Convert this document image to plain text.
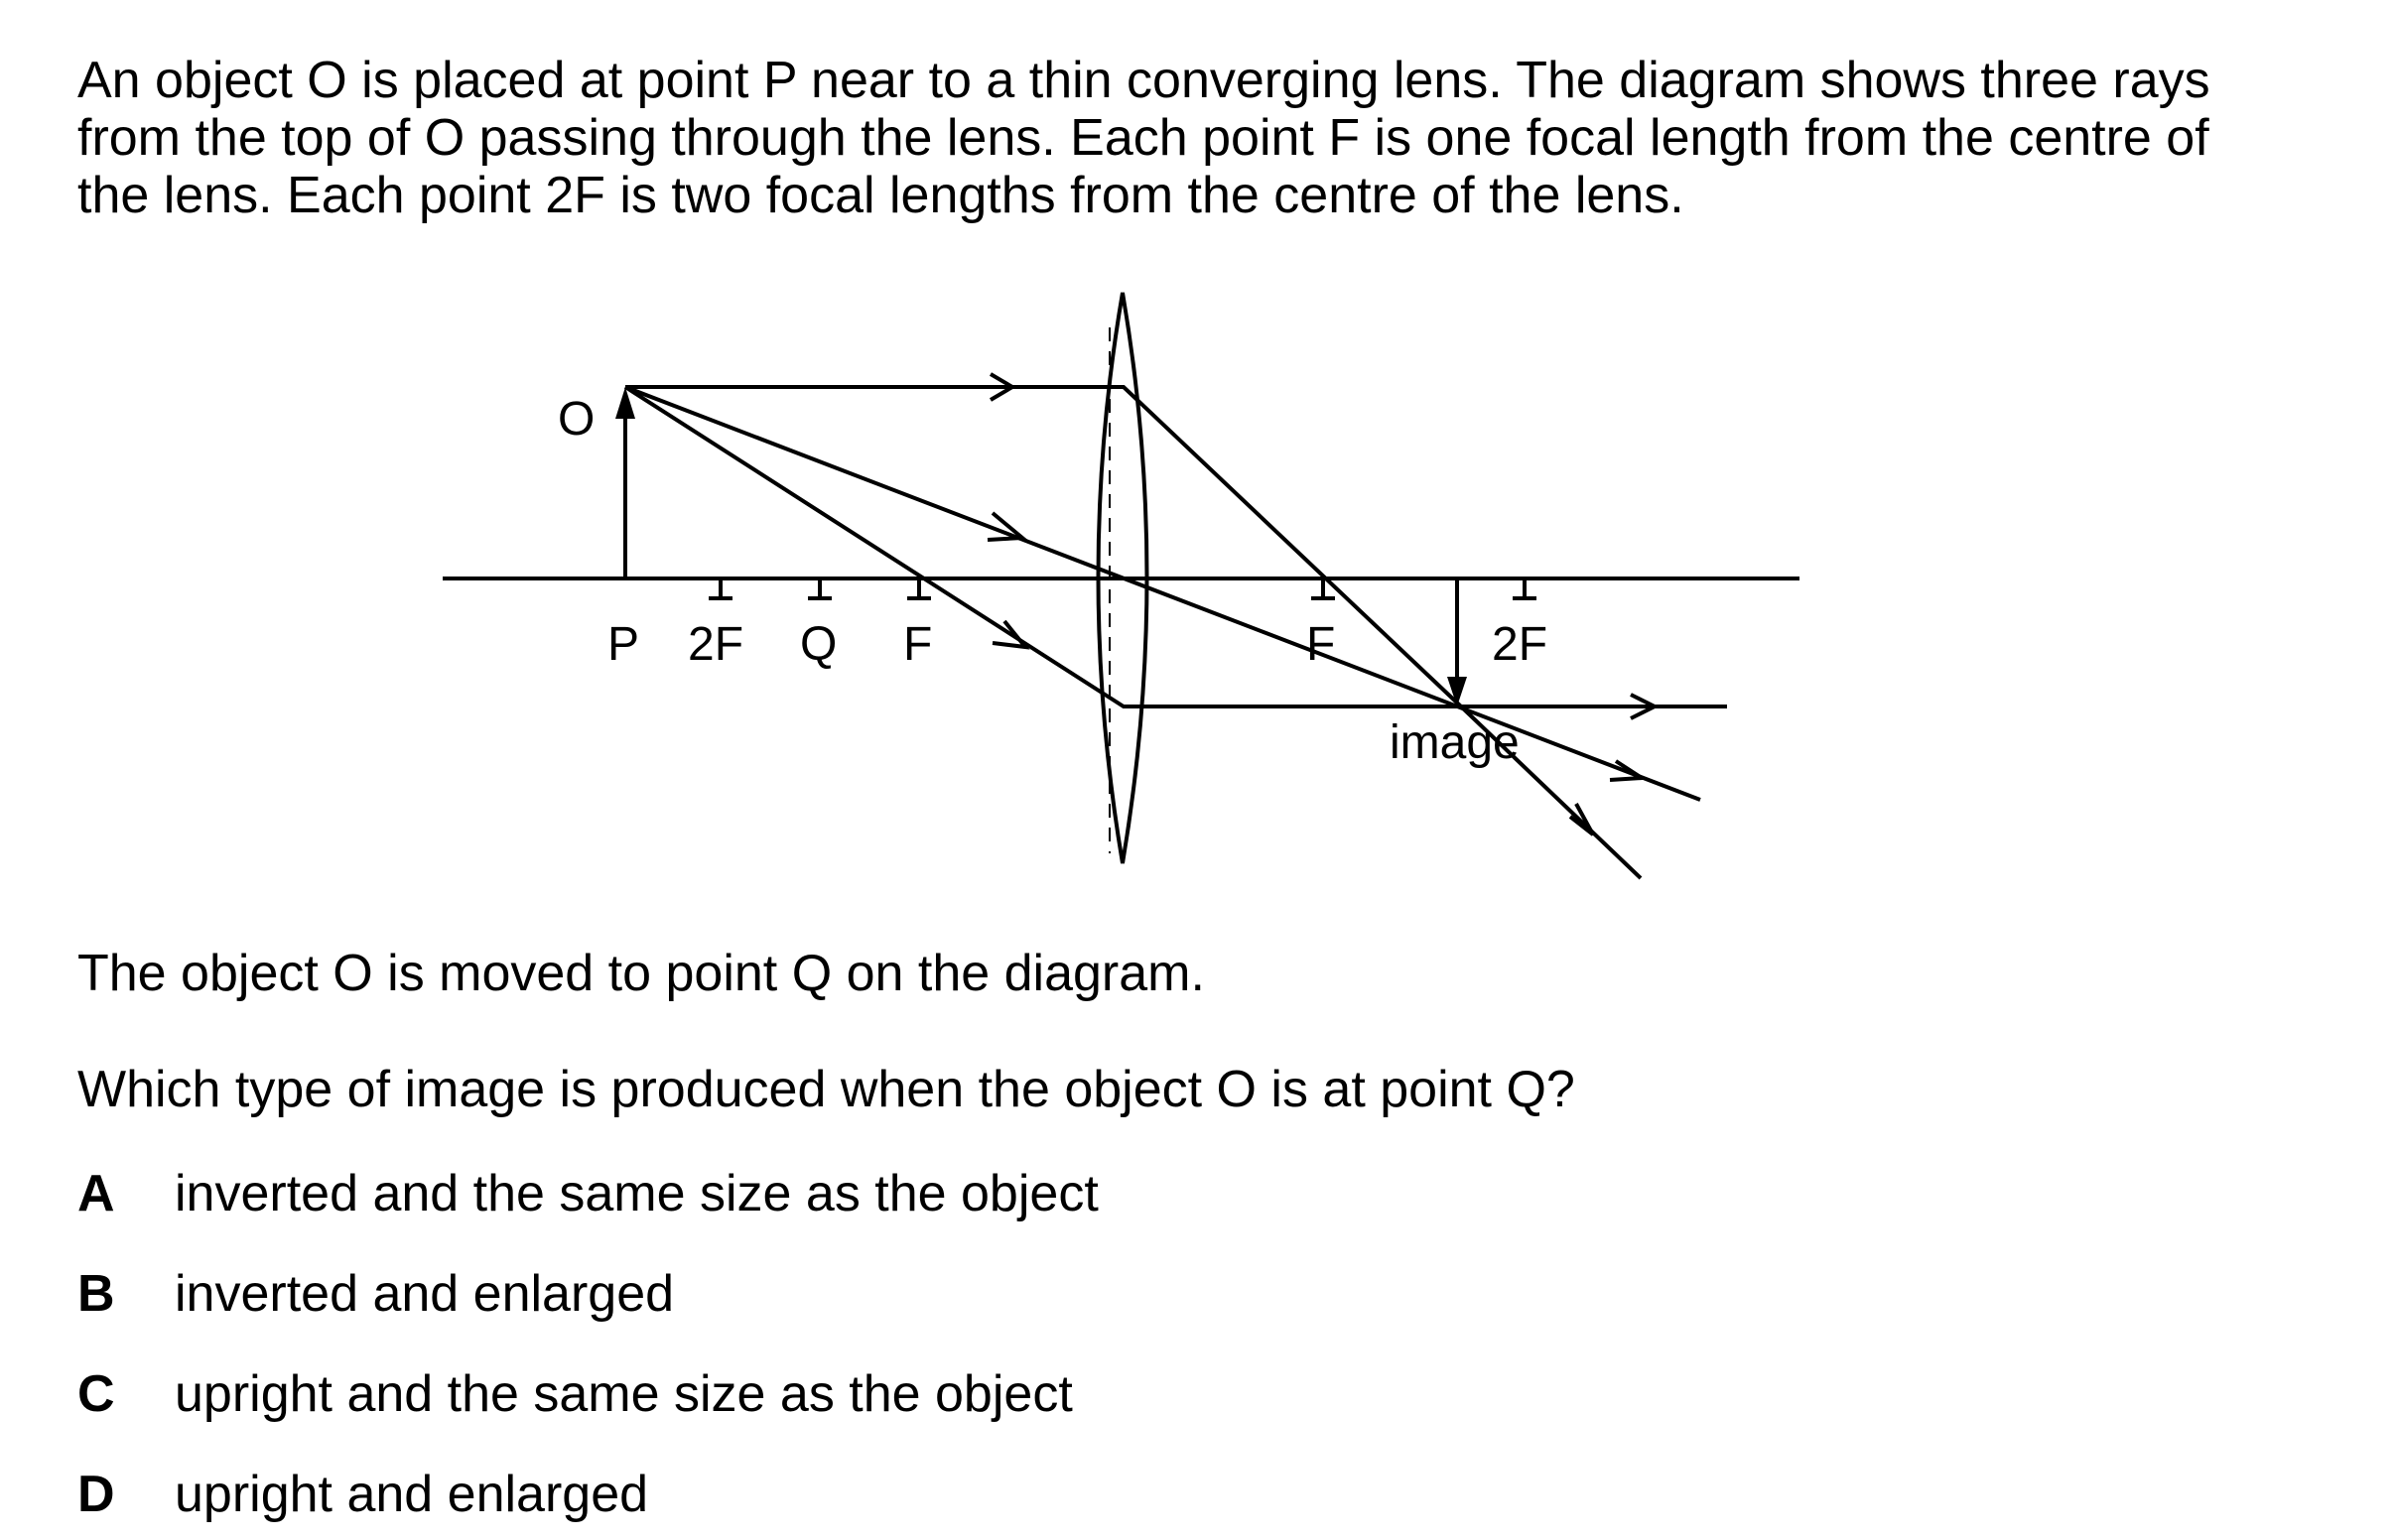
An object O is placed at point P near to a thin converging lens. The diagram shows three rays from the top of O passing through the lens. Each point F is one focal length from the centre of the lens. Each point 2F is two focal lengths from the centre of the lens.
O
P 2F Q F	F	2F
image
The object O is moved to point Q on the diagram.
Which type of image is produced when the object O is at point Q?
A inverted and the same size as the object
B inverted and enlarged
C upright and the same size as the object
D upright and enlarged
